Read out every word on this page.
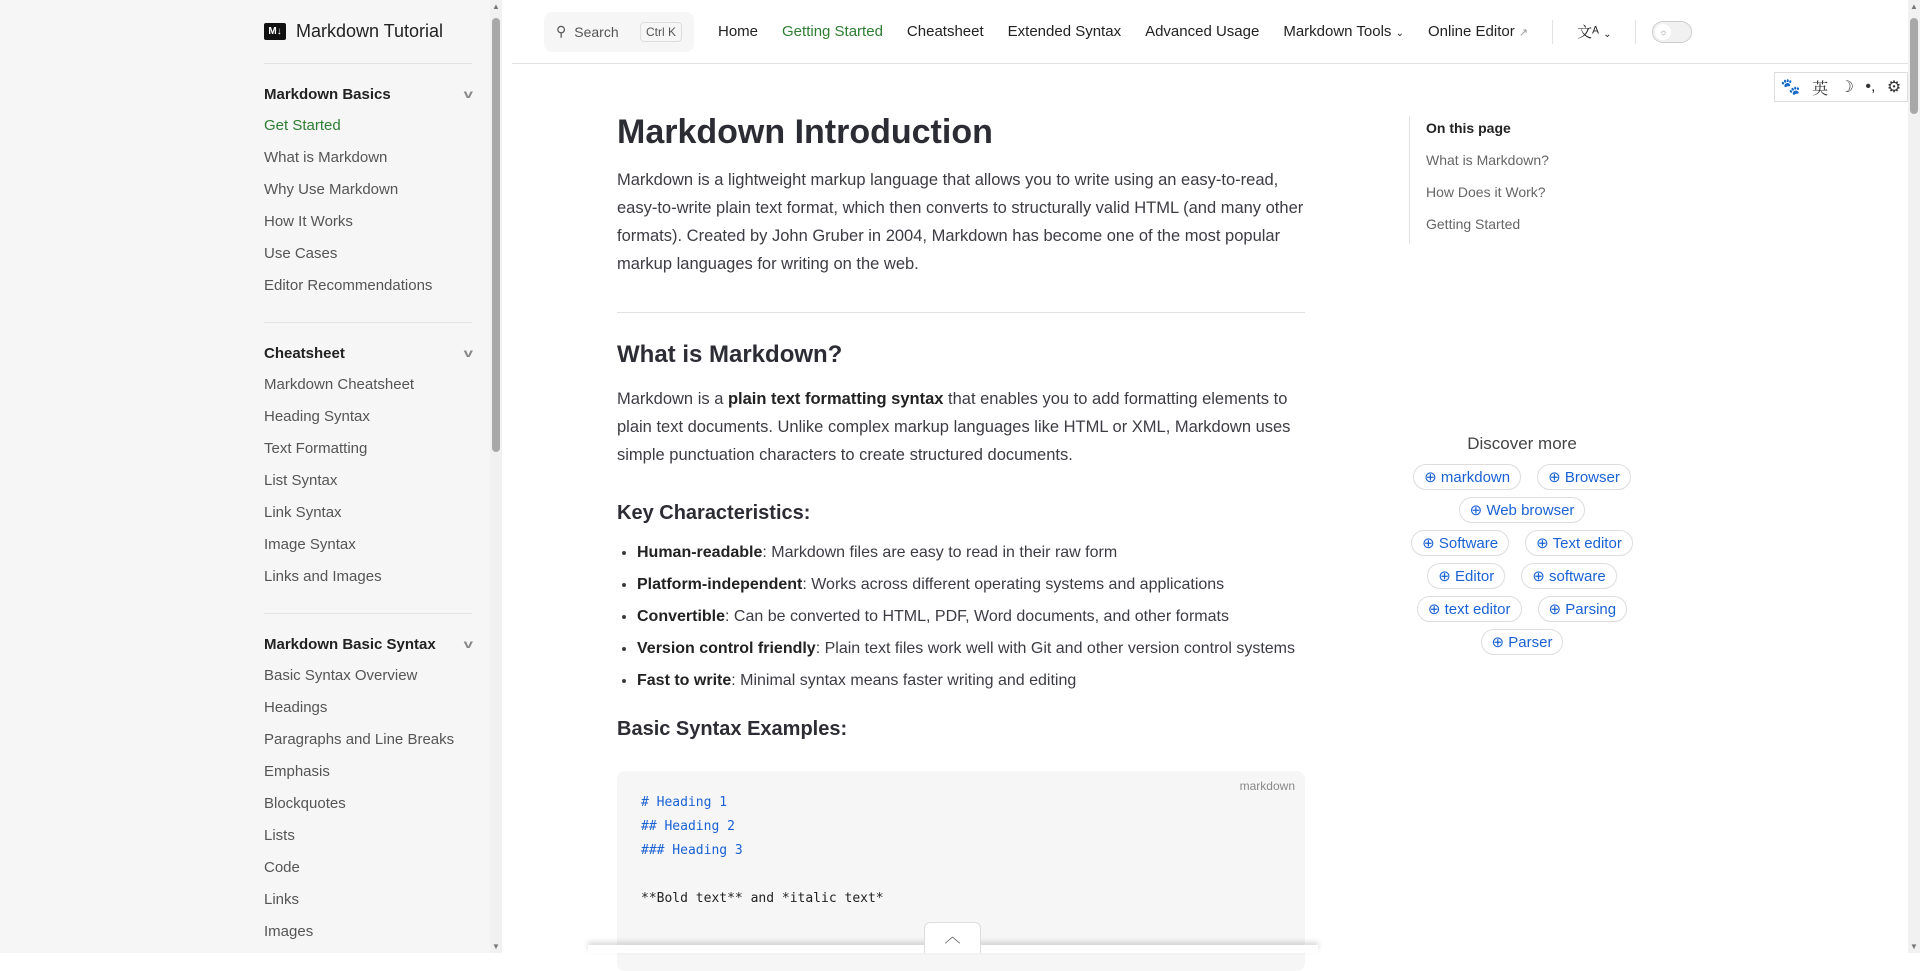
M↓ Markdown Tutorial
Markdown Basics	v
Get Started
What is Markdown
Why Use Markdown
How It Works
Use Cases
Editor Recommendations
Cheatsheet	v
Markdown Cheatsheet
Heading Syntax
Text Formatting
List Syntax
Link Syntax
Image Syntax
Links and Images
Markdown Basic Syntax v
Basic Syntax Overview
Headings
Paragraphs and Line Breaks
Emphasis
Blockquotes
Lists
Code
Links
Images
▲
▼
⚲ Search	Ctrl K	Home Getting Started Cheatsheet Extended Syntax Advanced Usage Markdown Tools ⌄ Online Editor ↗	文ᴬ ⌄	☼
🐾 英 ☽ •, ⚙
Markdown Introduction

Markdown is a lightweight markup language that allows you to write using an easy-to-read, easy-to-write plain text format, which then converts to structurally valid HTML (and many other formats). Created by John Gruber in 2004, Markdown has become one of the most popular markup languages for writing on the web.

What is Markdown?

Markdown is a plain text formatting syntax that enables you to add formatting elements to plain text documents. Unlike complex markup languages like HTML or XML, Markdown uses simple punctuation characters to create structured documents.

Key Characteristics:
• Human-readable: Markdown files are easy to read in their raw form
• Platform-independent: Works across different operating systems and applications
• Convertible: Can be converted to HTML, PDF, Word documents, and other formats
• Version control friendly: Plain text files work well with Git and other version control systems
• Fast to write: Minimal syntax means faster writing and editing
Basic Syntax Examples:
markdown
# Heading 1
## Heading 2
### Heading 3
**Bold text** and *italic text*
On this page
What is Markdown?
How Does it Work?
Getting Started
Discover more
⊕ markdown	⊕ Browser
⊕ Web browser
⊕ Software	⊕ Text editor
⊕ Editor	⊕ software
⊕ text editor	⊕ Parsing
⊕ Parser
▲
▼
︿
